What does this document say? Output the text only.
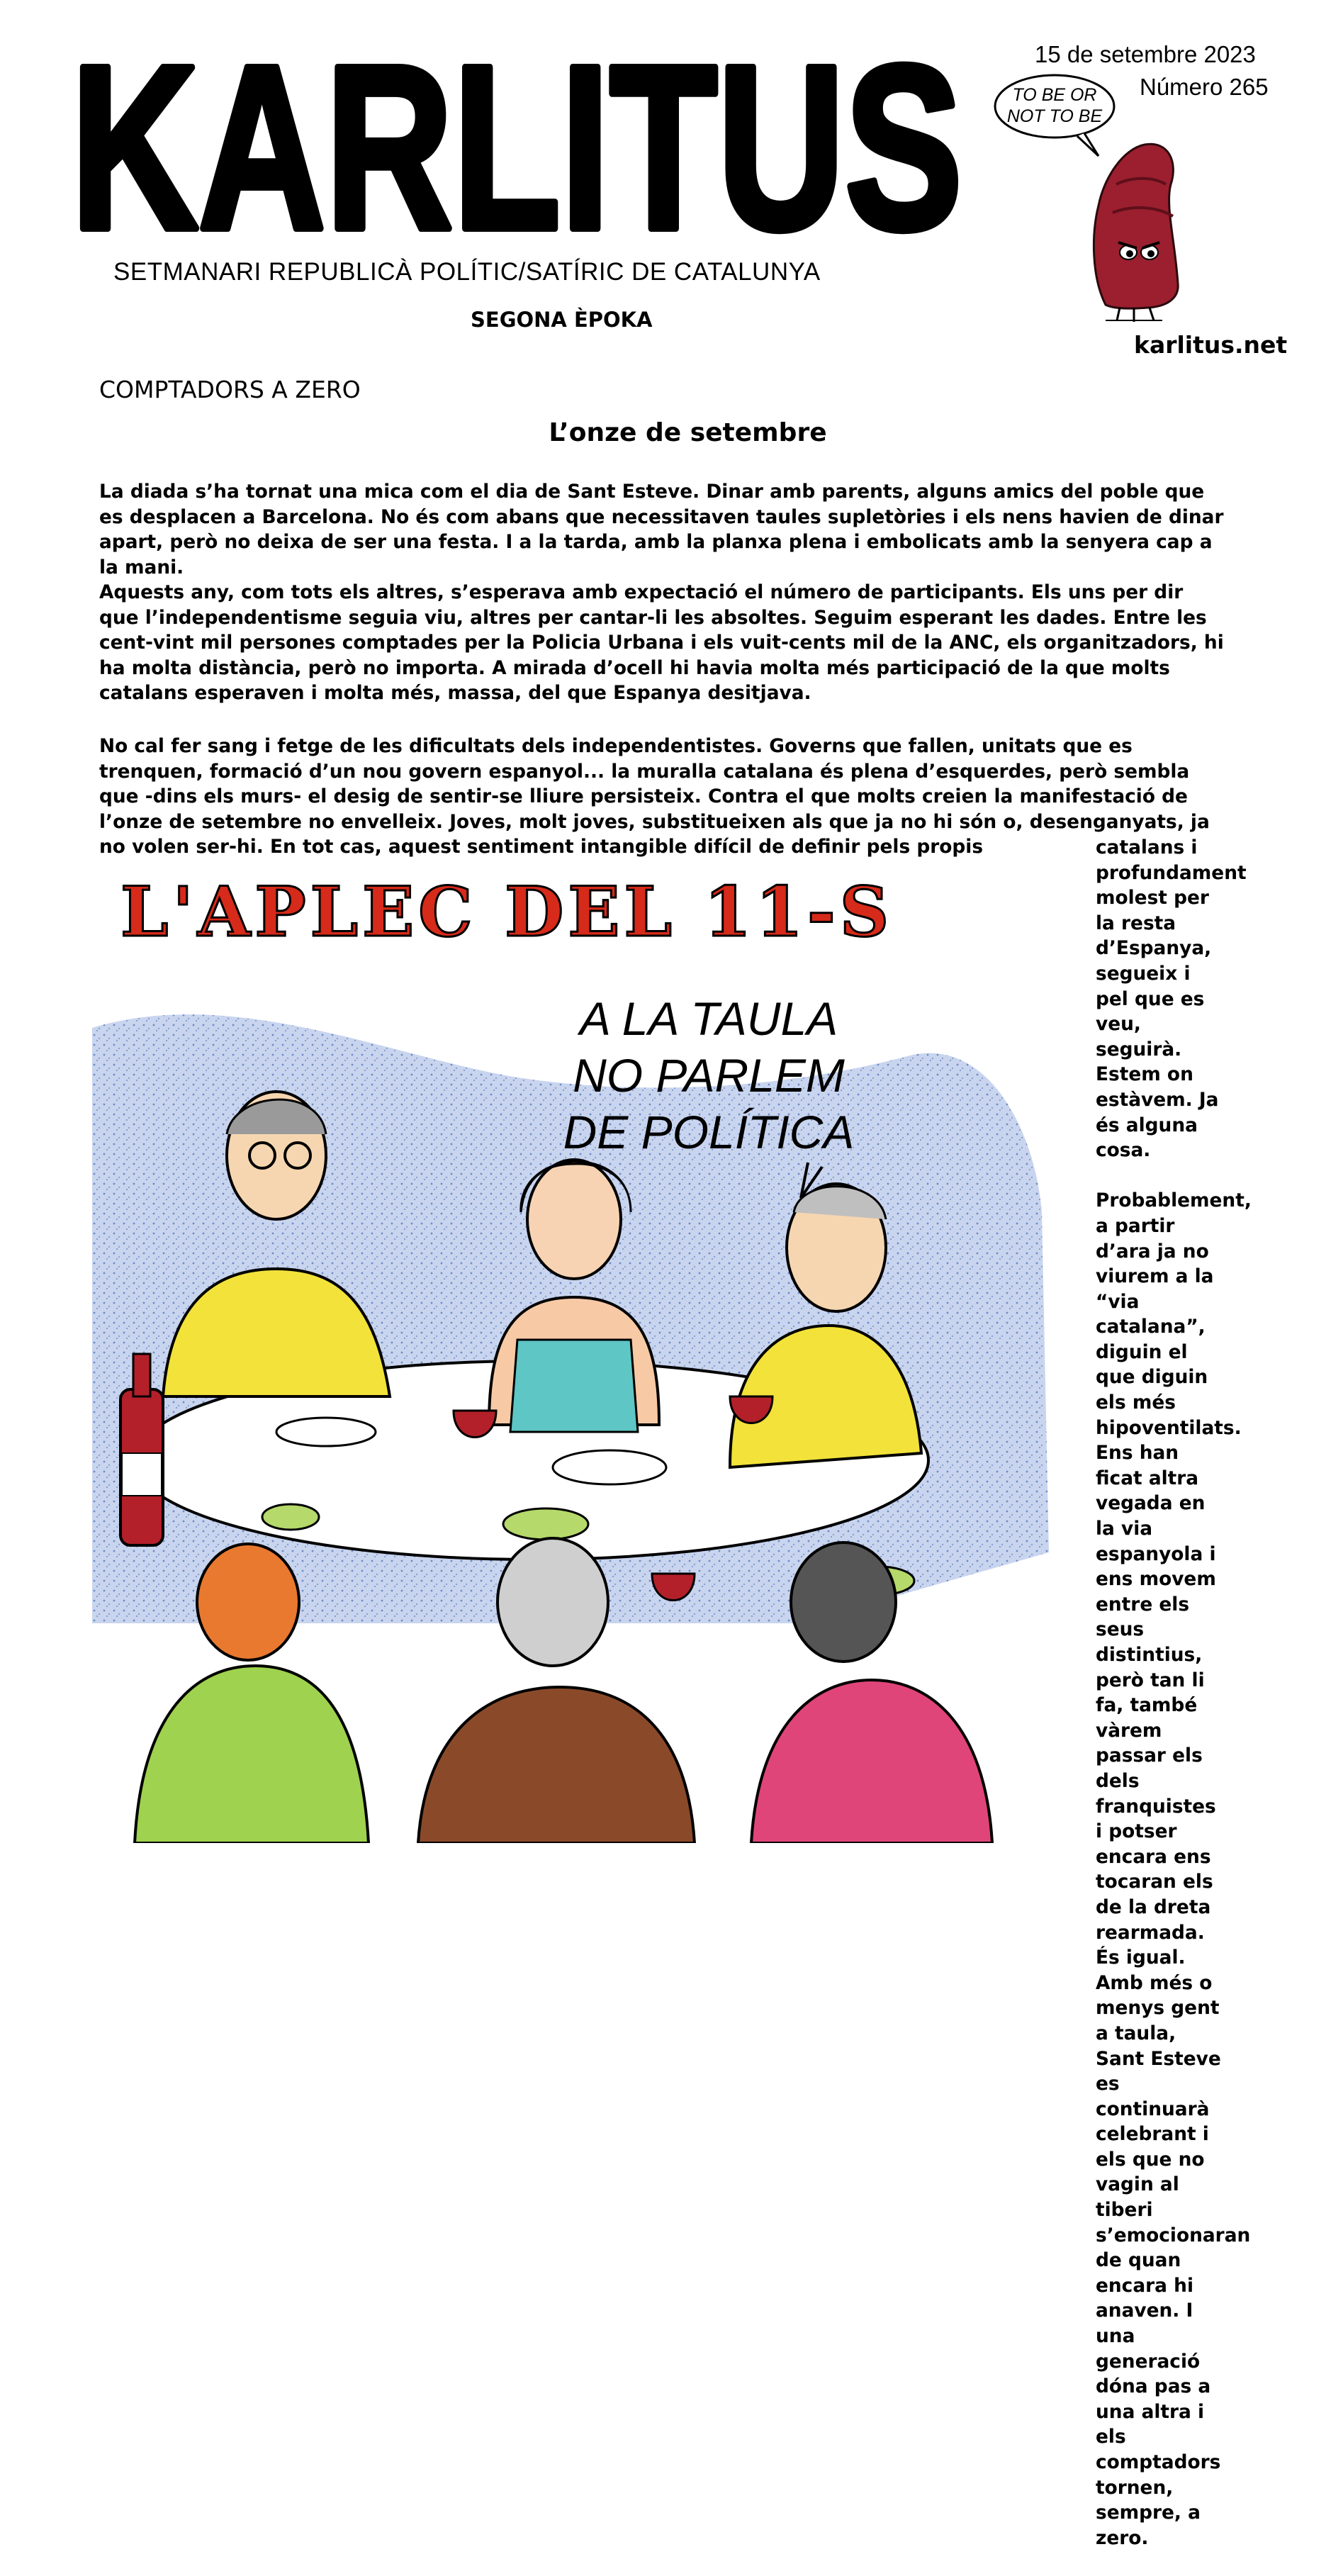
KARLITUS
SETMANARI REPUBLICÀ POLÍTIC/SATÍRIC DE CATALUNYA
SEGONA ÈPOKA
15 de setembre 2023
Número 265
TO BE OR
NOT TO BE
karlitus.net
COMPTADORS A ZERO
L’onze de setembre

La diada s’ha tornat una mica com el dia de Sant Esteve. Dinar amb parents, alguns amics del poble que es desplacen a Barcelona. No és com abans que necessitaven taules supletòries i els nens havien de dinar apart, però no deixa de ser una festa. I a la tarda, amb la planxa plena i embolicats amb la senyera cap a la mani.

Aquests any, com tots els altres, s’esperava amb expectació el número de participants. Els uns per dir que l’independentisme seguia viu, altres per cantar-li les absoltes. Seguim esperant les dades. Entre les cent-vint mil persones comptades per la Policia Urbana i els vuit-cents mil de la ANC, els organitzadors, hi ha molta distància, però no importa. A mirada d’ocell hi havia molta més participació de la que molts catalans esperaven i molta més, massa, del que Espanya desitjava.

No cal fer sang i fetge de les dificultats dels independentistes. Governs que fallen, unitats que es trenquen, formació d’un nou govern espanyol... la muralla catalana és plena d’esquerdes, però sembla que -dins els murs- el desig de sentir-se lliure persisteix. Contra el que molts creien la manifestació de l’onze de setembre no envelleix. Joves, molt joves, substitueixen als que ja no hi són o, desenganyats, ja no volen ser-hi. En tot cas, aquest sentiment intangible difícil de definir pels propis	catalans i profundament molest per la resta d’Espanya, segueix i pel que es veu, seguirà. Estem on estàvem. Ja és alguna cosa.

Probablement, a partir d’ara ja no viurem a la “via catalana”, diguin el que diguin els més hipoventilats. Ens han ficat altra vegada en la via espanyola i ens movem entre els seus distintius, però tan li fa, també vàrem passar els dels franquistes i potser encara ens tocaran els de la dreta rearmada. És igual. Amb més o menys gent a taula, Sant Esteve es continuarà celebrant i els que no vagin al tiberi s’emocionaran de quan encara hi anaven. I una generació dóna pas a una altra i els comptadors tornen, sempre, a zero.

L'APLEC DEL 11-S
A LA TAULA
NO PARLEM
DE POLÍTICA
